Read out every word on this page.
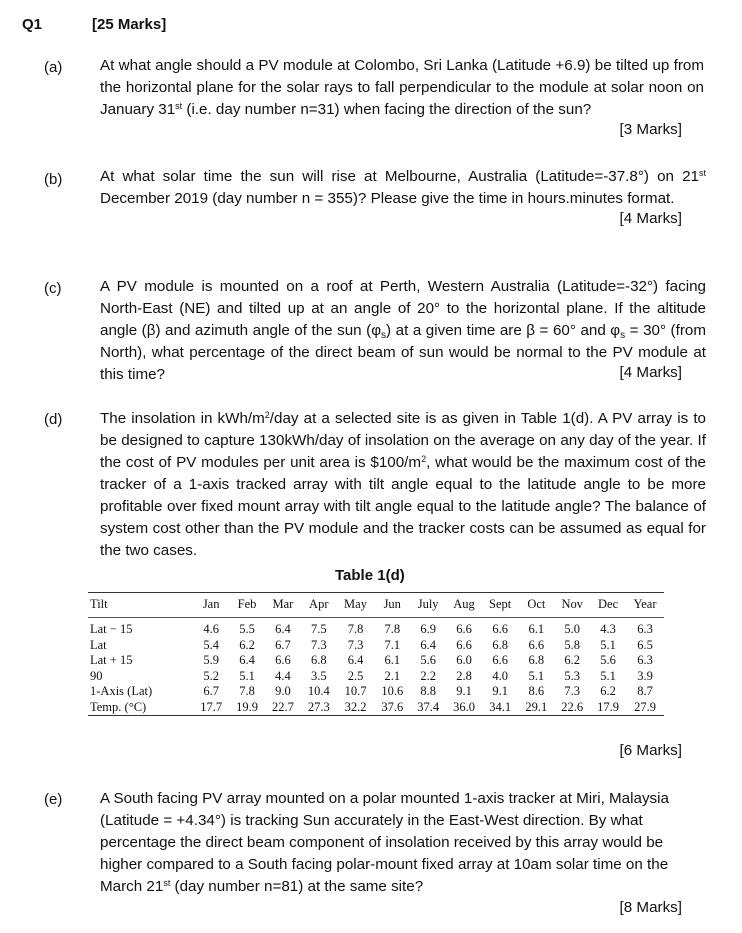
Q1	[25 Marks]
(a) At what angle should a PV module at Colombo, Sri Lanka (Latitude +6.9) be tilted up from the horizontal plane for the solar rays to fall perpendicular to the module at solar noon on January 31st (i.e. day number n=31) when facing the direction of the sun?
[3 Marks]
(b) At what solar time the sun will rise at Melbourne, Australia (Latitude=-37.8°) on 21st December 2019 (day number n = 355)? Please give the time in hours.minutes format.
[4 Marks]
(c)	A PV module is mounted on a roof at Perth, Western Australia (Latitude=-32°) facing North-East (NE) and tilted up at an angle of 20° to the horizontal plane. If the altitude angle (β) and azimuth angle of the sun $(\varphi_s)$ at a given time are β = 60° and $\varphi_s = 30^\circ$ (from North), what percentage of the direct beam of sun would be normal to the PV module at this time?	[4 Marks]
(d) The insolation in kWh/$m^2$/day at a selected site is as given in Table 1(d). A PV array is to be designed to capture 130kWh/day of insolation on the average on any day of the year. If the cost of PV modules per unit area is $\$100/m^2$, what would be the maximum cost of the tracker of a 1-axis tracked array with tilt angle equal to the latitude angle to be more profitable over fixed mount array with tilt angle equal to the latitude angle? The balance of system cost other than the PV module and the tracker costs can be assumed as equal for the two cases.
Table 1(d)
Tilt	Jan	Feb	Mar	Apr	May	Jun	July	Aug	Sept	Oct	Nov	Dec	Year
Lat − 15	4.6	5.5	6.4	7.5	7.8	7.8	6.9	6.6	6.6	6.1	5.0	4.3	6.3
Lat	5.4	6.2	6.7	7.3	7.3	7.1	6.4	6.6	6.8	6.6	5.8	5.1	6.5
Lat + 15	5.9	6.4	6.6	6.8	6.4	6.1	5.6	6.0	6.6	6.8	6.2	5.6	6.3
90	5.2	5.1	4.4	3.5	2.5	2.1	2.2	2.8	4.0	5.1	5.3	5.1	3.9
1-Axis (Lat)	6.7	7.8	9.0	10.4	10.7	10.6	8.8	9.1	9.1	8.6	7.3	6.2	8.7
Temp. (°C)	17.7	19.9	22.7	27.3	32.2	37.6	37.4	36.0	34.1	29.1	22.6	17.9	27.9
[6 Marks]
(e) A South facing PV array mounted on a polar mounted 1-axis tracker at Miri, Malaysia (Latitude = +4.34°) is tracking Sun accurately in the East-West direction. By what percentage the direct beam component of insolation received by this array would be higher compared to a South facing polar-mount fixed array at 10am solar time on the March 21st (day number n=81) at the same site?
[8 Marks]
